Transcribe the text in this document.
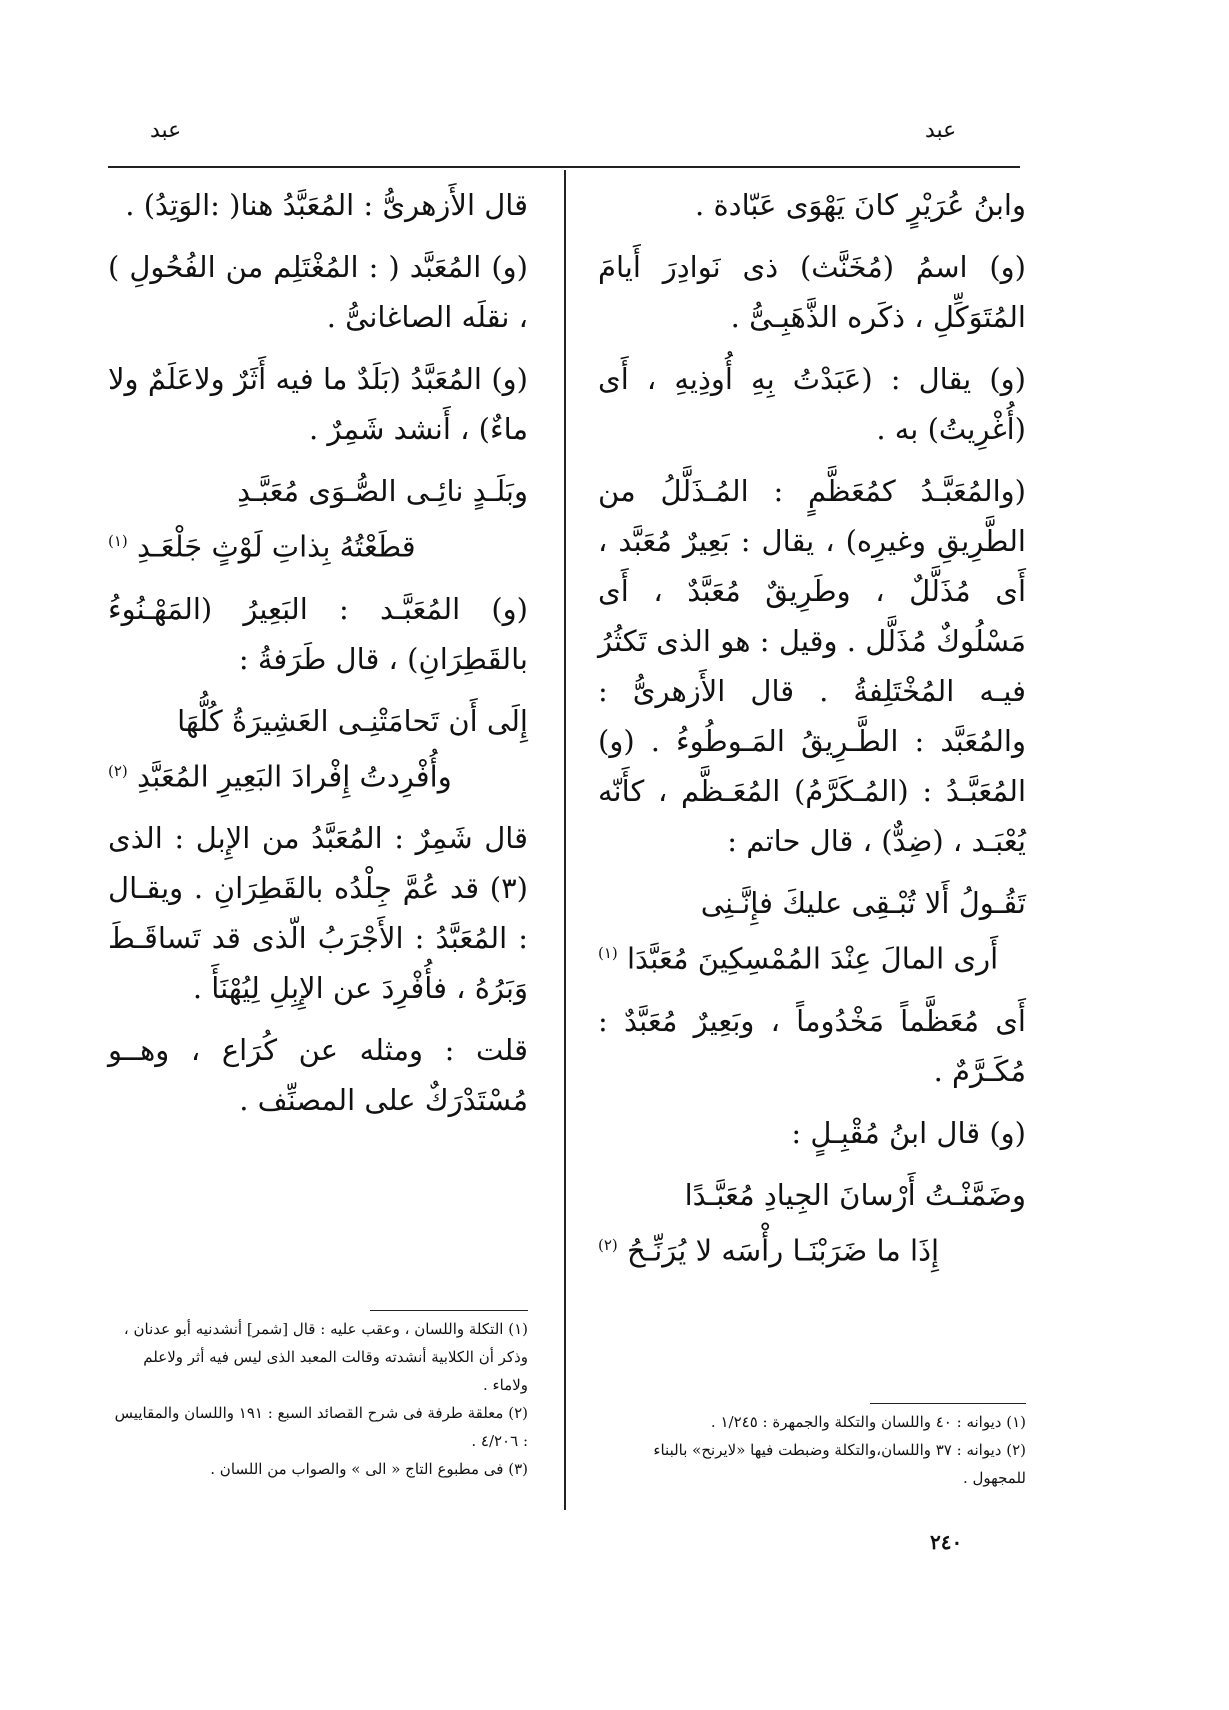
عبد
عبد

وابنُ عُرَيْرٍ كانَ يَهْوَى عَبّادة .

(و) اسمُ (مُخَنَّث) ذى نَوادِرَ أَيامَ المُتَوَكِّلِ ، ذكَره الذَّهَبِـىُّ .

(و) يقال : (عَبَدْتُ بِهِ أُوذِيهِ ، أَى (أُغْرِيتُ) به .

(والمُعَبَّـدُ كمُعَظَّمٍ : المُـذَلَّلُ من الطَّرِيقِ وغيرِه) ، يقال : بَعِيرٌ مُعَبَّد ، أَى مُذَلَّلٌ ، وطَرِيقٌ مُعَبَّدٌ ، أَى مَسْلُوكٌ مُذَلَّل . وقيل : هو الذى تَكثُرُ فيـه المُخْتَلِفةُ . قال الأَزهرىُّ : والمُعَبَّد : الطَّـرِيقُ المَـوطُوءُ . (و) المُعَبَّـدُ : (المُـكَرَّمُ) المُعَـظَّم ، كأَنّه يُعْبَـد ، (ضِدٌّ) ، قال حاتم :

تَقُـولُ أَلا تُبْـقِى عليكَ فإِنَّـنِى
أَرى المالَ عِنْدَ المُمْسِكِينَ مُعَبَّدَا $^{(١)}$

أَى مُعَظَّماً مَخْدُوماً ، وبَعِيرٌ مُعَبَّدٌ : مُكَـرَّمٌ .

(و) قال ابنُ مُقْبِـلٍ :

وضَمَّنْـتُ أَرْسانَ الجِيادِ مُعَبَّـدًا
إِذَا ما ضَرَبْنَـا رأْسَه لا يُرَنِّـحُ $^{(٢)}$
(١) ديوانه : ٤٠ واللسان والتكلة والجمهرة : ١/٢٤٥ .
(٢) ديوانه : ٣٧ واللسان،والتكلة وضبطت فيها «لايرنح» بالبناء للمجهول .

قال الأَزهرىُّ : المُعَبَّدُ هنا( :الوَتِدُ) .

(و) المُعَبَّد ( : المُغْتَلِم من الفُحُولِ ) ، نقلَه الصاغانىُّ .

(و) المُعَبَّدُ (بَلَدٌ ما فيه أَثَرٌ ولاعَلَمٌ ولا ماءٌ) ، أَنشد شَمِرٌ .

وبَلَـدٍ نائِـى الصُّـوَى مُعَبَّـدِ
قطَعْتُهُ بِذاتِ لَوْثٍ جَلْعَـدِ $^{(١)}$

(و) المُعَبَّـد : البَعِيرُ (المَهْـنُوءُ بالقَطِرَانِ) ، قال طَرَفةُ :

إِلَى أَن تَحامَتْنِـى العَشِيرَةُ كُلُّهَا
وأُفْرِدتُ إِفْرادَ البَعِيرِ المُعَبَّدِ $^{(٢)}$

قال شَمِرٌ : المُعَبَّدُ من الإِبل : الذى (٣) قد عُمَّ جِلْدُه بالقَطِرَانِ . ويقـال : المُعَبَّدُ : الأَجْرَبُ الّذى قد تَساقَـطَ وَبَرُهُ ، فأُفْرِدَ عن الإِبِلِ لِيُهْنَأَ .

قلت : ومثله عن كُرَاع ، وهــو مُسْتَدْرَكٌ على المصنِّف .

(١) التكلة واللسان ، وعقب عليه : قال [شمر] أنشدنيه أبو عدنان ، وذكر أن الكلابية أنشدته وقالت المعبد الذى ليس فيه أثر ولاعلم ولاماء .
(٢) معلقة طرفة فى شرح القصائد السبع : ١٩١ واللسان والمقاييس : ٤/٢٠٦ .
(٣) فى مطبوع التاج « الى » والصواب من اللسان .
٢٤٠
